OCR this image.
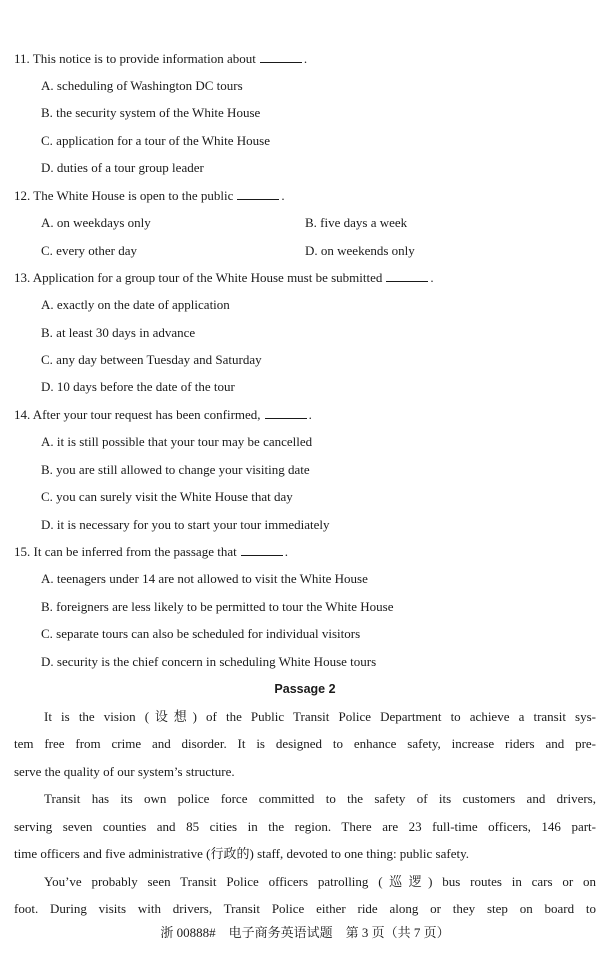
11. This notice is to provide information about	.
A. scheduling of Washington DC tours
B. the security system of the White House
C. application for a tour of the White House
D. duties of a tour group leader
12. The White House is open to the public	.
A. on weekdays only	B. five days a week
C. every other day	D. on weekends only
13. Application for a group tour of the White House must be submitted	.
A. exactly on the date of application
B. at least 30 days in advance
C. any day between Tuesday and Saturday
D. 10 days before the date of the tour
14. After your tour request has been confirmed,	.
A. it is still possible that your tour may be cancelled
B. you are still allowed to change your visiting date
C. you can surely visit the White House that day
D. it is necessary for you to start your tour immediately
15. It can be inferred from the passage that	.
A. teenagers under 14 are not allowed to visit the White House
B. foreigners are less likely to be permitted to tour the White House
C. separate tours can also be scheduled for individual visitors
D. security is the chief concern in scheduling White House tours
Passage 2
It is the vision (设想) of the Public Transit Police Department to achieve a transit sys-
tem free from crime and disorder. It is designed to enhance safety, increase riders and pre-
serve the quality of our system’s structure.
Transit has its own police force committed to the safety of its customers and drivers,
serving seven counties and 85 cities in the region. There are 23 full-time officers, 146 part-
time officers and five administrative (行政的) staff, devoted to one thing: public safety.
You’ve probably seen Transit Police officers patrolling (巡逻) bus routes in cars or on
foot. During visits with drivers, Transit Police either ride along or they step on board to
浙 00888#　电子商务英语试题　第 3 页（共 7 页）
